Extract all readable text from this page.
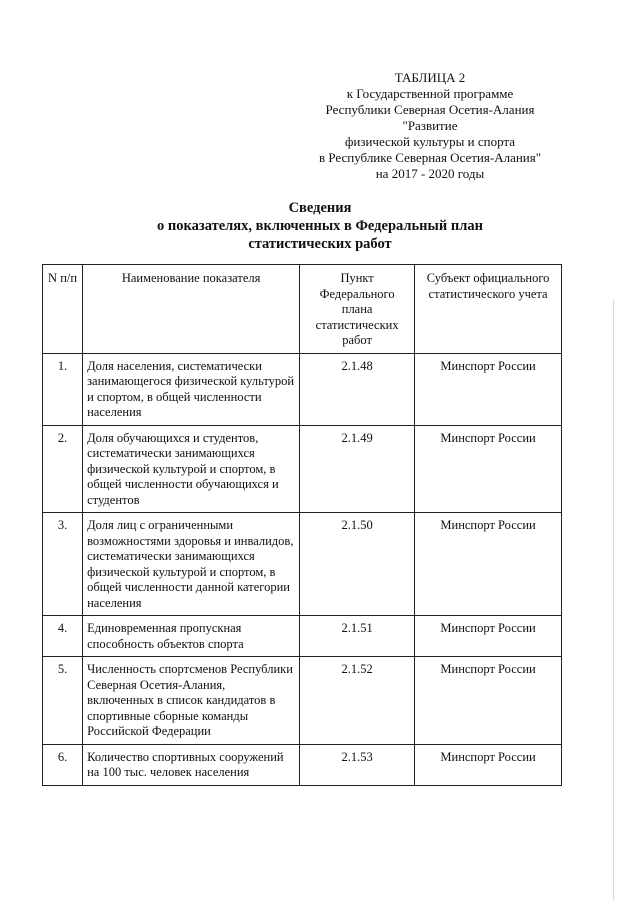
ТАБЛИЦА 2
к Государственной программе
Республики Северная Осетия-Алания
"Развитие
физической культуры и спорта
в Республике Северная Осетия-Алания"
на 2017 - 2020 годы
Сведения
о показателях, включенных в Федеральный план
статистических работ
N п/п	Наименование показателя	Пункт Федерального плана статистических работ	Субъект официального статистического учета
1.	Доля населения, систематически занимающегося физической культурой и спортом, в общей численности населения	2.1.48	Минспорт России
2.	Доля обучающихся и студентов, систематически занимающихся физической культурой и спортом, в общей численности обучающихся и студентов	2.1.49	Минспорт России
3.	Доля лиц с ограниченными возможностями здоровья и инвалидов, систематически занимающихся физической культурой и спортом, в общей численности данной категории населения	2.1.50	Минспорт России
4.	Единовременная пропускная способность объектов спорта	2.1.51	Минспорт России
5.	Численность спортсменов Республики Северная Осетия-Алания, включенных в список кандидатов в спортивные сборные команды Российской Федерации	2.1.52	Минспорт России
6.	Количество спортивных сооружений на 100 тыс. человек населения	2.1.53	Минспорт России
